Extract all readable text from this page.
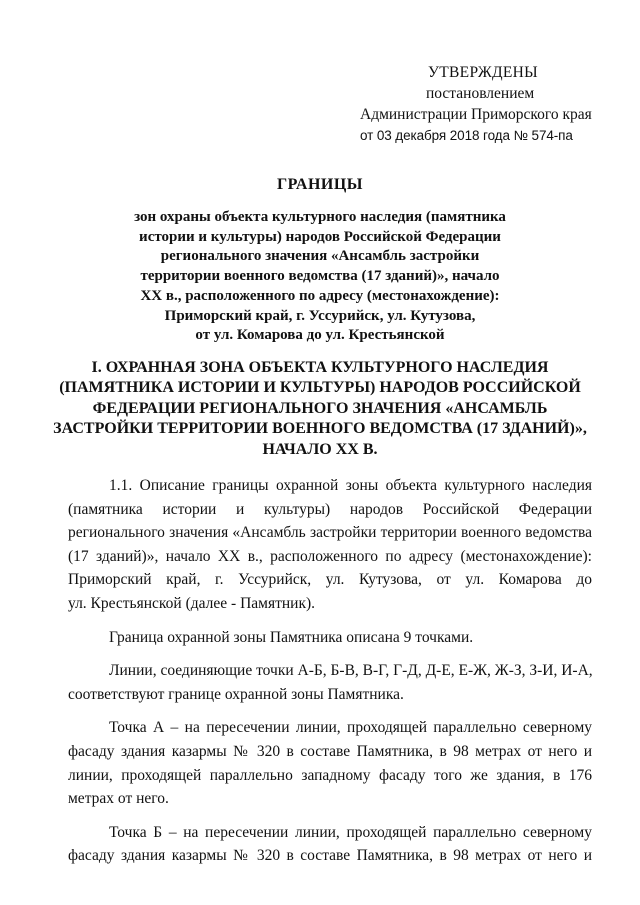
УТВЕРЖДЕНЫ
постановлением
Администрации Приморского края
от 03 декабря 2018 года № 574-па
ГРАНИЦЫ
зон охраны объекта культурного наследия (памятника
истории и культуры) народов Российской Федерации
регионального значения «Ансамбль застройки
территории военного ведомства (17 зданий)», начало
XX в., расположенного по адресу (местонахождение):
Приморский край, г. Уссурийск, ул. Кутузова,
от ул. Комарова до ул. Крестьянской
I. ОХРАННАЯ ЗОНА ОБЪЕКТА КУЛЬТУРНОГО НАСЛЕДИЯ
(ПАМЯТНИКА ИСТОРИИ И КУЛЬТУРЫ) НАРОДОВ РОССИЙСКОЙ
ФЕДЕРАЦИИ РЕГИОНАЛЬНОГО ЗНАЧЕНИЯ «АНСАМБЛЬ
ЗАСТРОЙКИ ТЕРРИТОРИИ ВОЕННОГО ВЕДОМСТВА (17 ЗДАНИЙ)»,
НАЧАЛО XX В.
1.1. Описание границы охранной зоны объекта культурного наследия
(памятника истории и культуры) народов Российской Федерации
регионального значения «Ансамбль застройки территории военного ведомства
(17 зданий)», начало XX в., расположенного по адресу (местонахождение):
Приморский край, г. Уссурийск, ул. Кутузова, от ул. Комарова до
ул. Крестьянской (далее - Памятник).
Граница охранной зоны Памятника описана 9 точками.
Линии, соединяющие точки А-Б, Б-В, В-Г, Г-Д, Д-Е, Е-Ж, Ж-З, З-И, И-А,
соответствуют границе охранной зоны Памятника.
Точка А – на пересечении линии, проходящей параллельно северному
фасаду здания казармы № 320 в составе Памятника, в 98 метрах от него и
линии, проходящей параллельно западному фасаду того же здания, в 176
метрах от него.
Точка Б – на пересечении линии, проходящей параллельно северному
фасаду здания казармы № 320 в составе Памятника, в 98 метрах от него и
